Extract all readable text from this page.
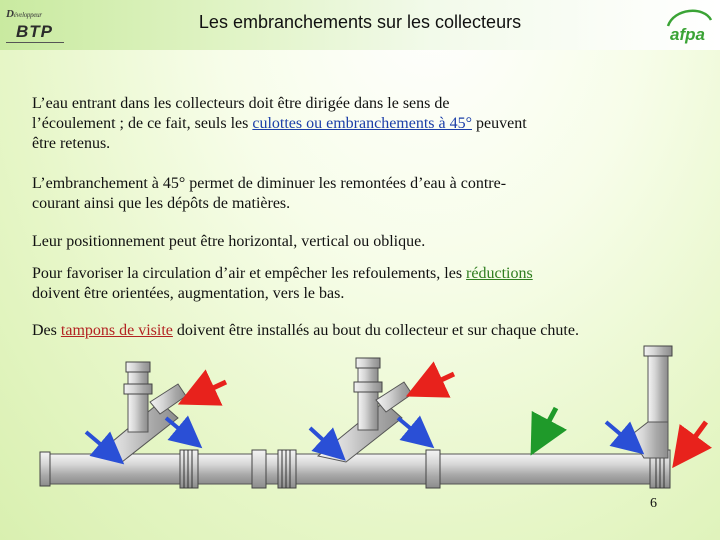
Développeur
BTP	Les embranchements sur les collecteurs
afpa
L’eau entrant dans les collecteurs doit être dirigée dans le sens de
l’écoulement ; de ce fait, seuls les culottes ou embranchements à 45° peuvent
être retenus.
L’embranchement à 45° permet de diminuer les remontées d’eau à contre-
courant ainsi que les dépôts de matières.
Leur positionnement peut être horizontal, vertical ou oblique.
Pour favoriser la circulation d’air et empêcher les refoulements, les réductions
doivent être orientées, augmentation, vers le bas.
Des tampons de visite doivent être installés au bout du collecteur et sur chaque chute.
6
